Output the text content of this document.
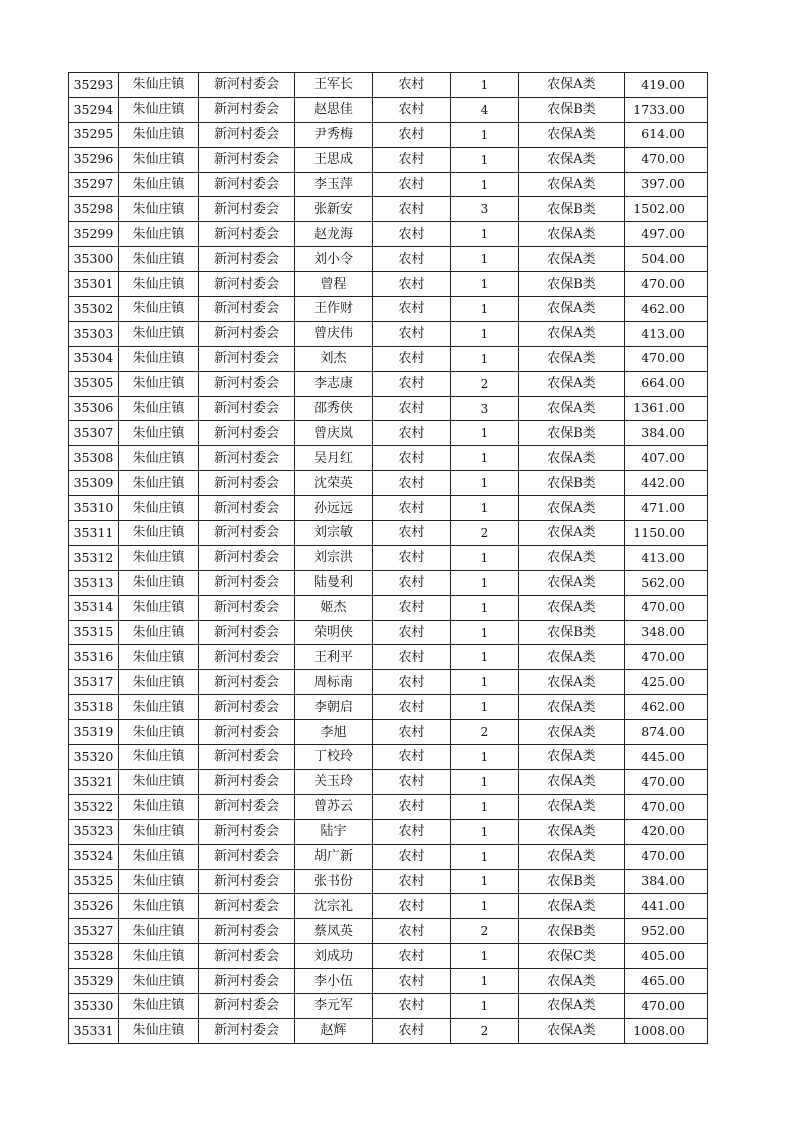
35293	朱仙庄镇	新河村委会	王军长	农村	1	农保A类	419.00
35294	朱仙庄镇	新河村委会	赵思佳	农村	4	农保B类	1733.00
35295	朱仙庄镇	新河村委会	尹秀梅	农村	1	农保A类	614.00
35296	朱仙庄镇	新河村委会	王思成	农村	1	农保A类	470.00
35297	朱仙庄镇	新河村委会	李玉萍	农村	1	农保A类	397.00
35298	朱仙庄镇	新河村委会	张新安	农村	3	农保B类	1502.00
35299	朱仙庄镇	新河村委会	赵龙海	农村	1	农保A类	497.00
35300	朱仙庄镇	新河村委会	刘小令	农村	1	农保A类	504.00
35301	朱仙庄镇	新河村委会	曾程	农村	1	农保B类	470.00
35302	朱仙庄镇	新河村委会	王作财	农村	1	农保A类	462.00
35303	朱仙庄镇	新河村委会	曾庆伟	农村	1	农保A类	413.00
35304	朱仙庄镇	新河村委会	刘杰	农村	1	农保A类	470.00
35305	朱仙庄镇	新河村委会	李志康	农村	2	农保A类	664.00
35306	朱仙庄镇	新河村委会	邵秀侠	农村	3	农保A类	1361.00
35307	朱仙庄镇	新河村委会	曾庆岚	农村	1	农保B类	384.00
35308	朱仙庄镇	新河村委会	吴月红	农村	1	农保A类	407.00
35309	朱仙庄镇	新河村委会	沈荣英	农村	1	农保B类	442.00
35310	朱仙庄镇	新河村委会	孙远远	农村	1	农保A类	471.00
35311	朱仙庄镇	新河村委会	刘宗敏	农村	2	农保A类	1150.00
35312	朱仙庄镇	新河村委会	刘宗洪	农村	1	农保A类	413.00
35313	朱仙庄镇	新河村委会	陆曼利	农村	1	农保A类	562.00
35314	朱仙庄镇	新河村委会	姬杰	农村	1	农保A类	470.00
35315	朱仙庄镇	新河村委会	荣明侠	农村	1	农保B类	348.00
35316	朱仙庄镇	新河村委会	王利平	农村	1	农保A类	470.00
35317	朱仙庄镇	新河村委会	周标南	农村	1	农保A类	425.00
35318	朱仙庄镇	新河村委会	李朝启	农村	1	农保A类	462.00
35319	朱仙庄镇	新河村委会	李旭	农村	2	农保A类	874.00
35320	朱仙庄镇	新河村委会	丁校玲	农村	1	农保A类	445.00
35321	朱仙庄镇	新河村委会	关玉玲	农村	1	农保A类	470.00
35322	朱仙庄镇	新河村委会	曾苏云	农村	1	农保A类	470.00
35323	朱仙庄镇	新河村委会	陆宇	农村	1	农保A类	420.00
35324	朱仙庄镇	新河村委会	胡广新	农村	1	农保A类	470.00
35325	朱仙庄镇	新河村委会	张书份	农村	1	农保B类	384.00
35326	朱仙庄镇	新河村委会	沈宗礼	农村	1	农保A类	441.00
35327	朱仙庄镇	新河村委会	蔡凤英	农村	2	农保B类	952.00
35328	朱仙庄镇	新河村委会	刘成功	农村	1	农保C类	405.00
35329	朱仙庄镇	新河村委会	李小伍	农村	1	农保A类	465.00
35330	朱仙庄镇	新河村委会	李元军	农村	1	农保A类	470.00
35331	朱仙庄镇	新河村委会	赵辉	农村	2	农保A类	1008.00
